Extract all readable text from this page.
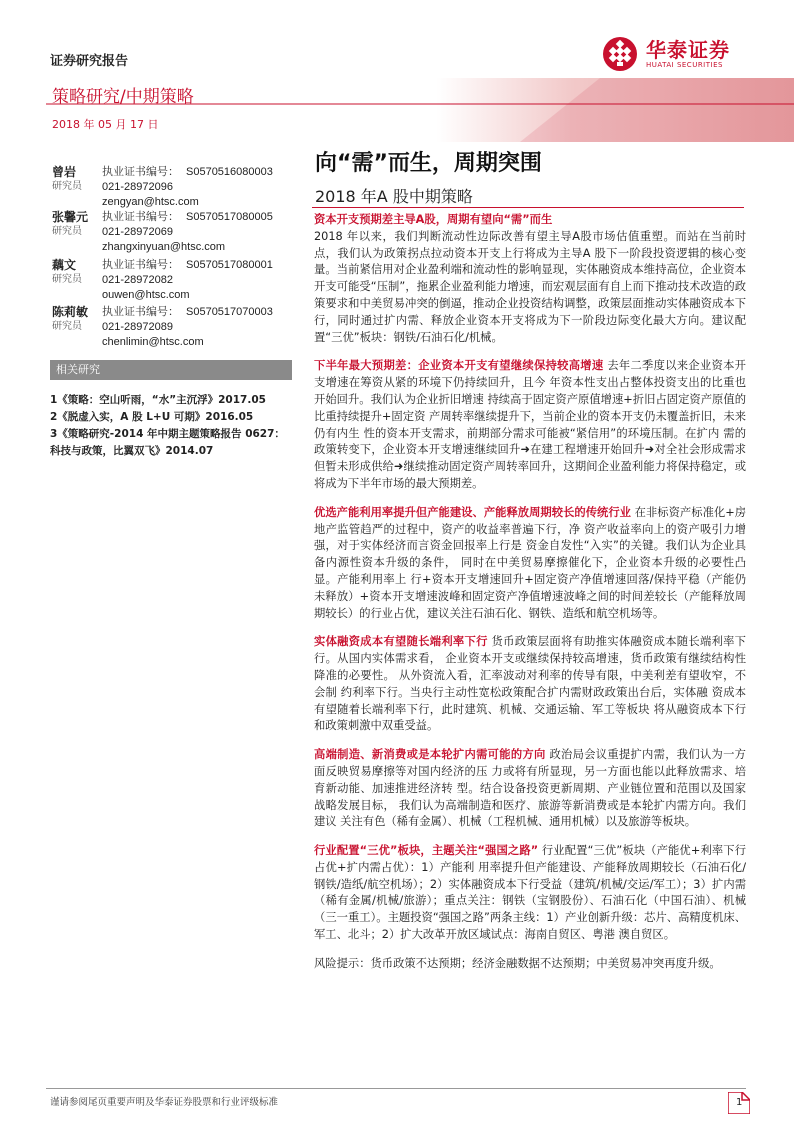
证券研究报告	华泰证券
HUATAI SECURITIES
策略研究/中期策略
2018 年 05 月 17 日
曾岩
研究员
执业证书编号： S0570516080003
021-28972096
zengyan@htsc.com
张馨元
研究员
执业证书编号： S0570517080005
021-28972069
zhangxinyuan@htsc.com
藕文
研究员
执业证书编号： S0570517080001
021-28972082
ouwen@htsc.com
陈莉敏
研究员
执业证书编号： S0570517070003
021-28972089
chenlimin@htsc.com
相关研究
1《策略：空山听雨，“水”主沉浮》2017.05
2《脱虚入实，A 股 L+U 可期》2016.05
3《策略研究-2014 年中期主题策略报告 0627：科技与政策，比翼双飞》2014.07
向“需”而生，周期突围
2018 年A 股中期策略

资本开支预期差主导A股，周期有望向“需”而生
2018 年以来，我们判断流动性边际改善有望主导A股市场估值重塑。而站在当前时点，我们认为政策拐点拉动资本开支上行将成为主导A 股下一阶段投资逻辑的核心变量。当前紧信用对企业盈利端和流动性的影响显现，实体融资成本维持高位，企业资本开支可能受“压制”，拖累企业盈利能力增速，而宏观层面有自上而下推动技术改造的政策要求和中美贸易冲突的倒逼，推动企业投资结构调整，政策层面推动实体融资成本下行，同时通过扩内需、释放企业资本开支将成为下一阶段边际变化最大方向。建议配置“三优”板块：钢铁/石油石化/机械。

下半年最大预期差：企业资本开支有望继续保持较高增速 去年二季度以来企业资本开支增速在筹资从紧的环境下仍持续回升，且今 年资本性支出占整体投资支出的比重也开始回升。我们认为企业折旧增速 持续高于固定资产原值增速+折旧占固定资产原值的比重持续提升+固定资 产周转率继续提升下，当前企业的资本开支仍未覆盖折旧，未来仍有内生 性的资本开支需求，前期部分需求可能被“紧信用”的环境压制。在扩内 需的政策转变下，企业资本开支增速继续回升➜在建工程增速开始回升➜对全社会形成需求但暂未形成供给➜继续推动固定资产周转率回升，这期间企业盈利能力将保持稳定，或将成为下半年市场的最大预期差。

优选产能利用率提升但产能建设、产能释放周期较长的传统行业 在非标资产标准化+房地产监管趋严的过程中，资产的收益率普遍下行，净 资产收益率向上的资产吸引力增强，对于实体经济而言资金回报率上行是 资金自发性“入实”的关键。我们认为企业具备内源性资本升级的条件， 同时在中美贸易摩擦催化下，企业资本升级的必要性凸显。产能利用率上 行+资本开支增速回升+固定资产净值增速回落/保持平稳（产能仍未释放）+资本开支增速波峰和固定资产净值增速波峰之间的时间差较长（产能释放周期较长）的行业占优，建议关注石油石化、钢铁、造纸和航空机场等。

实体融资成本有望随长端利率下行 货币政策层面将有助推实体融资成本随长端利率下行。从国内实体需求看， 企业资本开支或继续保持较高增速，货币政策有继续结构性降准的必要性。 从外资流入看，汇率波动对利率的传导有限，中美利差有望收窄，不会制 约利率下行。当央行主动性宽松政策配合扩内需财政政策出台后，实体融 资成本有望随着长端利率下行，此时建筑、机械、交通运输、军工等板块 将从融资成本下行和政策刺激中双重受益。

高端制造、新消费或是本轮扩内需可能的方向 政治局会议重提扩内需，我们认为一方面反映贸易摩擦等对国内经济的压 力或将有所显现，另一方面也能以此释放需求、培育新动能、加速推进经济转 型。结合设备投资更新周期、产业链位置和范围以及国家战略发展目标， 我们认为高端制造和医疗、旅游等新消费或是本轮扩内需方向。我们建议 关注有色（稀有金属）、机械（工程机械、通用机械）以及旅游等板块。

行业配置“三优”板块，主题关注“强国之路” 行业配置“三优”板块（产能优+利率下行占优+扩内需占优）：1）产能利 用率提升但产能建设、产能释放周期较长（石油石化/钢铁/造纸/航空机场）；2）实体融资成本下行受益（建筑/机械/交运/军工）；3）扩内需（稀有金属/机械/旅游）；重点关注：钢铁（宝钢股份）、石油石化（中国石油）、机械（三一重工）。主题投资“强国之路”两条主线：1）产业创新升级：芯片、高精度机床、军工、北斗；2）扩大改革开放区域试点：海南自贸区、粤港 澳自贸区。

风险提示：货币政策不达预期；经济金融数据不达预期；中美贸易冲突再度升级。

谨请参阅尾页重要声明及华泰证券股票和行业评级标准	1
